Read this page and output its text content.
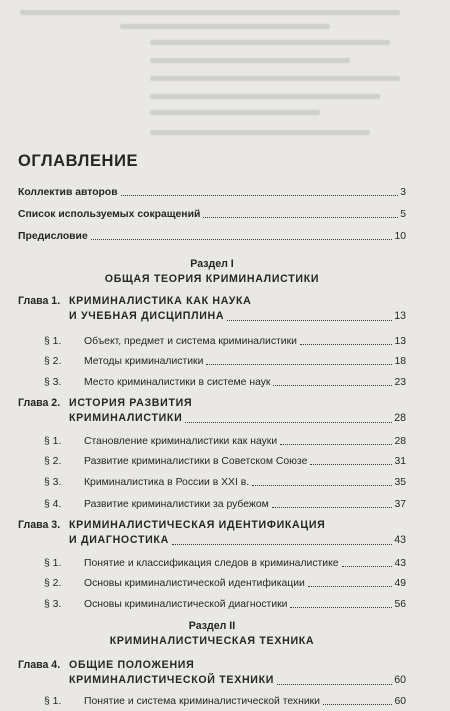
ОГЛАВЛЕНИЕ
Коллектив авторов	3
Список используемых сокращений	5
Предисловие	10
Раздел I
ОБЩАЯ ТЕОРИЯ КРИМИНАЛИСТИКИ
Глава 1. КРИМИНАЛИСТИКА КАК НАУКА
И УЧЕБНАЯ ДИСЦИПЛИНА	13
§ 1.	Объект, предмет и система криминалистики	13
§ 2.	Методы криминалистики	18
§ 3.	Место криминалистики в системе наук	23
Глава 2. ИСТОРИЯ РАЗВИТИЯ
КРИМИНАЛИСТИКИ	28
§ 1.	Становление криминалистики как науки	28
§ 2.	Развитие криминалистики в Советском Союзе	31
§ 3.	Криминалистика в России в XXI в.	35
§ 4.	Развитие криминалистики за рубежом	37
Глава 3. КРИМИНАЛИСТИЧЕСКАЯ ИДЕНТИФИКАЦИЯ
И ДИАГНОСТИКА	43
§ 1.	Понятие и классификация следов в криминалистике	43
§ 2.	Основы криминалистической идентификации	49
§ 3.	Основы криминалистической диагностики	56
Раздел II
КРИМИНАЛИСТИЧЕСКАЯ ТЕХНИКА
Глава 4. ОБЩИЕ ПОЛОЖЕНИЯ
КРИМИНАЛИСТИЧЕСКОЙ ТЕХНИКИ	60
§ 1.	Понятие и система криминалистической техники	60
